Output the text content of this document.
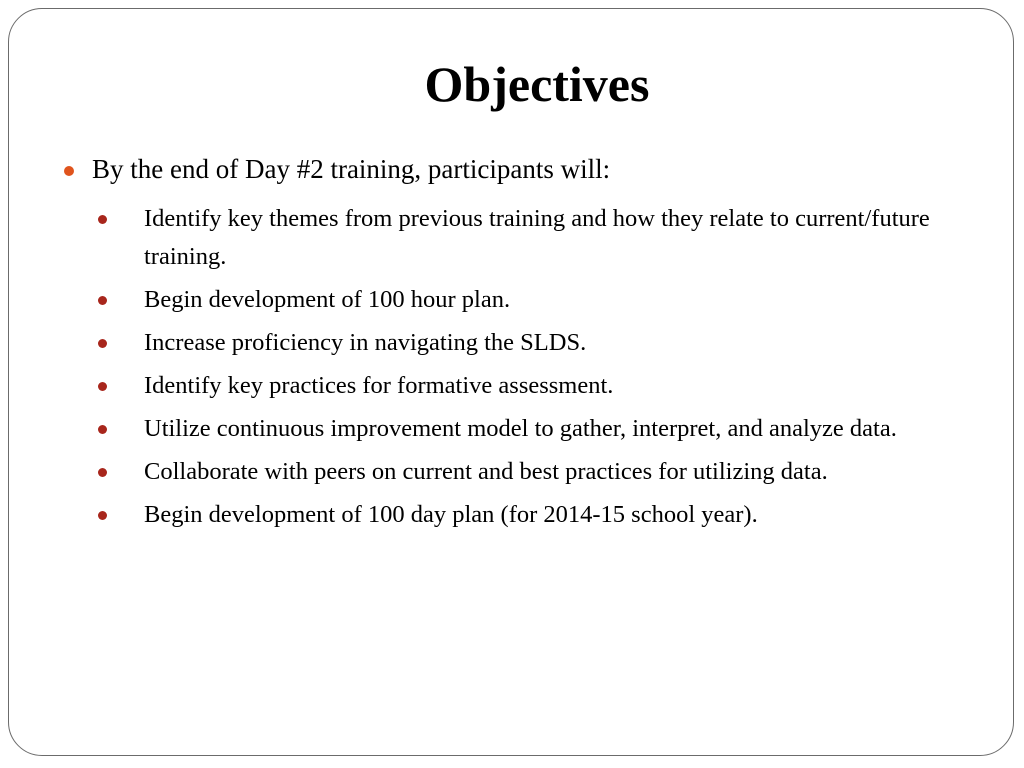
Objectives
By the end of Day #2 training, participants will:
Identify key themes from previous training and how they relate to current/future training.
Begin development of 100 hour plan.
Increase proficiency in navigating the SLDS.
Identify key practices for formative assessment.
Utilize continuous improvement model to gather, interpret, and analyze data.
Collaborate with peers on current and best practices for utilizing data.
Begin development of 100 day plan (for 2014-15 school year).
